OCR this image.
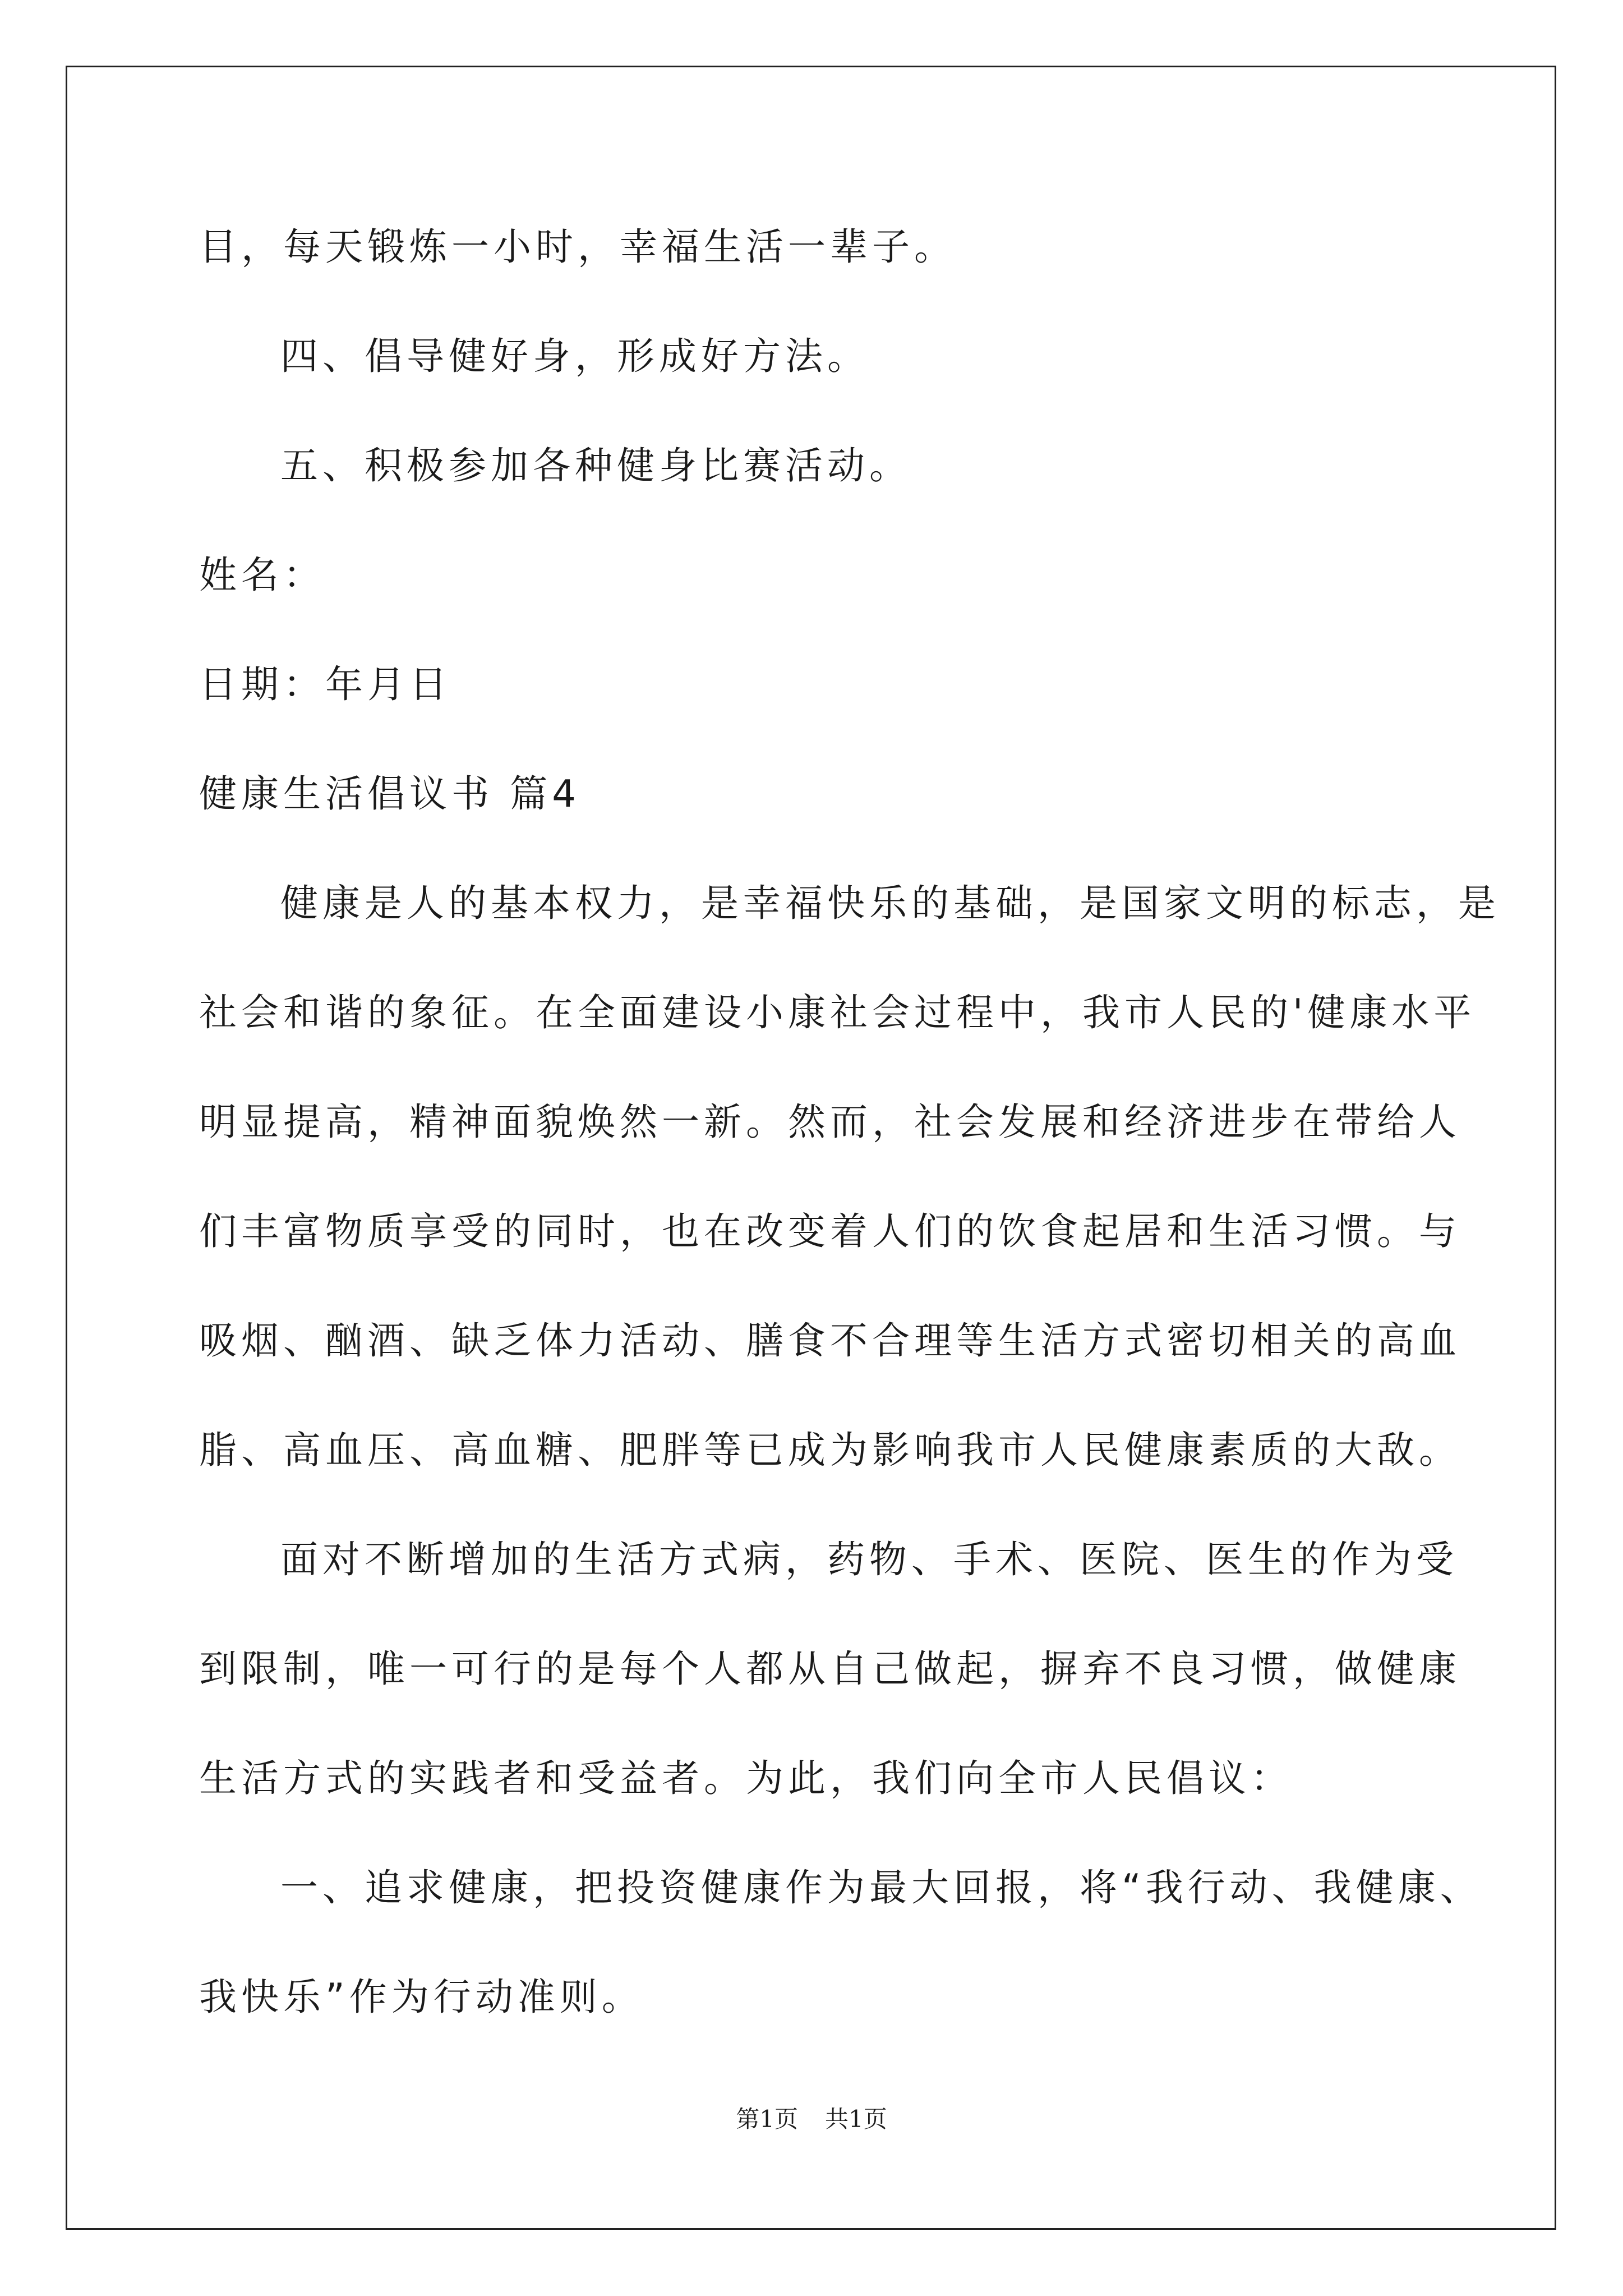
目，每天锻炼一小时，幸福生活一辈子。
四、倡导健好身，形成好方法。
五、积极参加各种健身比赛活动。
姓名：
日期：年月日
健康生活倡议书 篇4
健康是人的基本权力，是幸福快乐的基础，是国家文明的标志，是
社会和谐的象征。在全面建设小康社会过程中，我市人民的'健康水平
明显提高，精神面貌焕然一新。然而，社会发展和经济进步在带给人
们丰富物质享受的同时，也在改变着人们的饮食起居和生活习惯。与
吸烟、酗酒、缺乏体力活动、膳食不合理等生活方式密切相关的高血
脂、高血压、高血糖、肥胖等已成为影响我市人民健康素质的大敌。
面对不断增加的生活方式病，药物、手术、医院、医生的作为受
到限制，唯一可行的是每个人都从自己做起，摒弃不良习惯，做健康
生活方式的实践者和受益者。为此，我们向全市人民倡议：
一、追求健康，把投资健康作为最大回报，将“我行动、我健康、
我快乐”作为行动准则。
第1页 共1页
